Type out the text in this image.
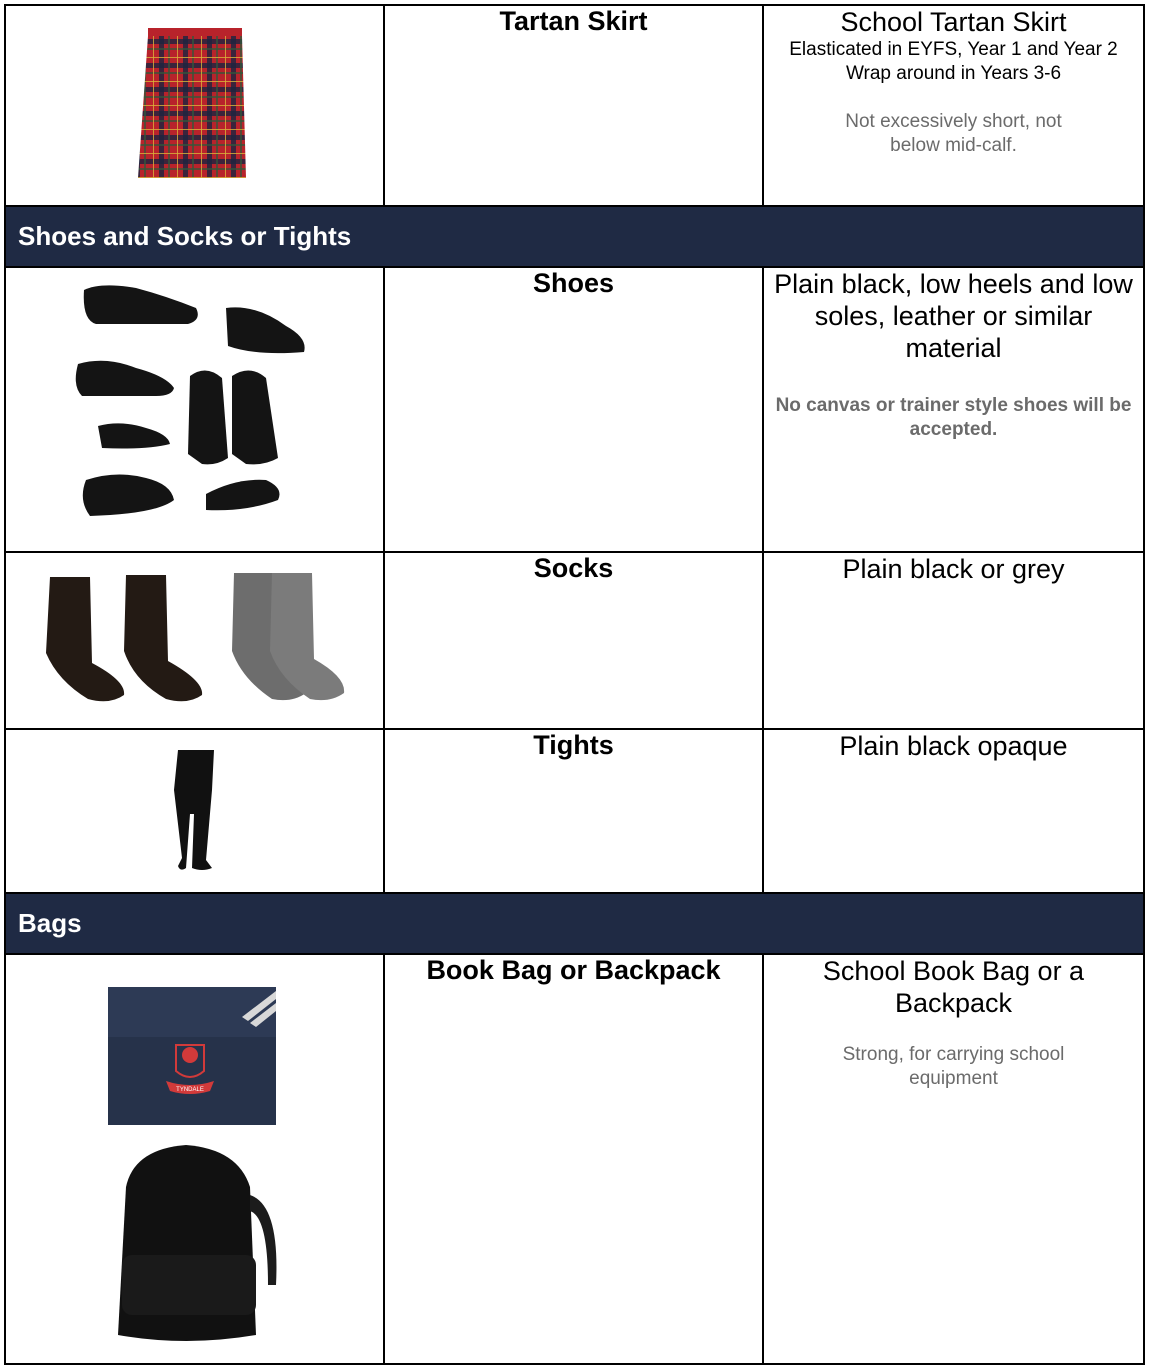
	Tartan Skirt	School Tartan Skirt
Elasticated in EYFS, Year 1 and Year 2
Wrap around in Years 3-6
Not excessively short, not below mid-calf.

Shoes and Socks or Tights		

	Shoes	Plain black, low heels and low soles, leather or similar material
No canvas or trainer style shoes will be accepted.

	Socks	Plain black or grey

	Tights	Plain black opaque

Bags		

TYNDALE	Book Bag or Backpack	School Book Bag or a Backpack
Strong, for carrying school equipment
